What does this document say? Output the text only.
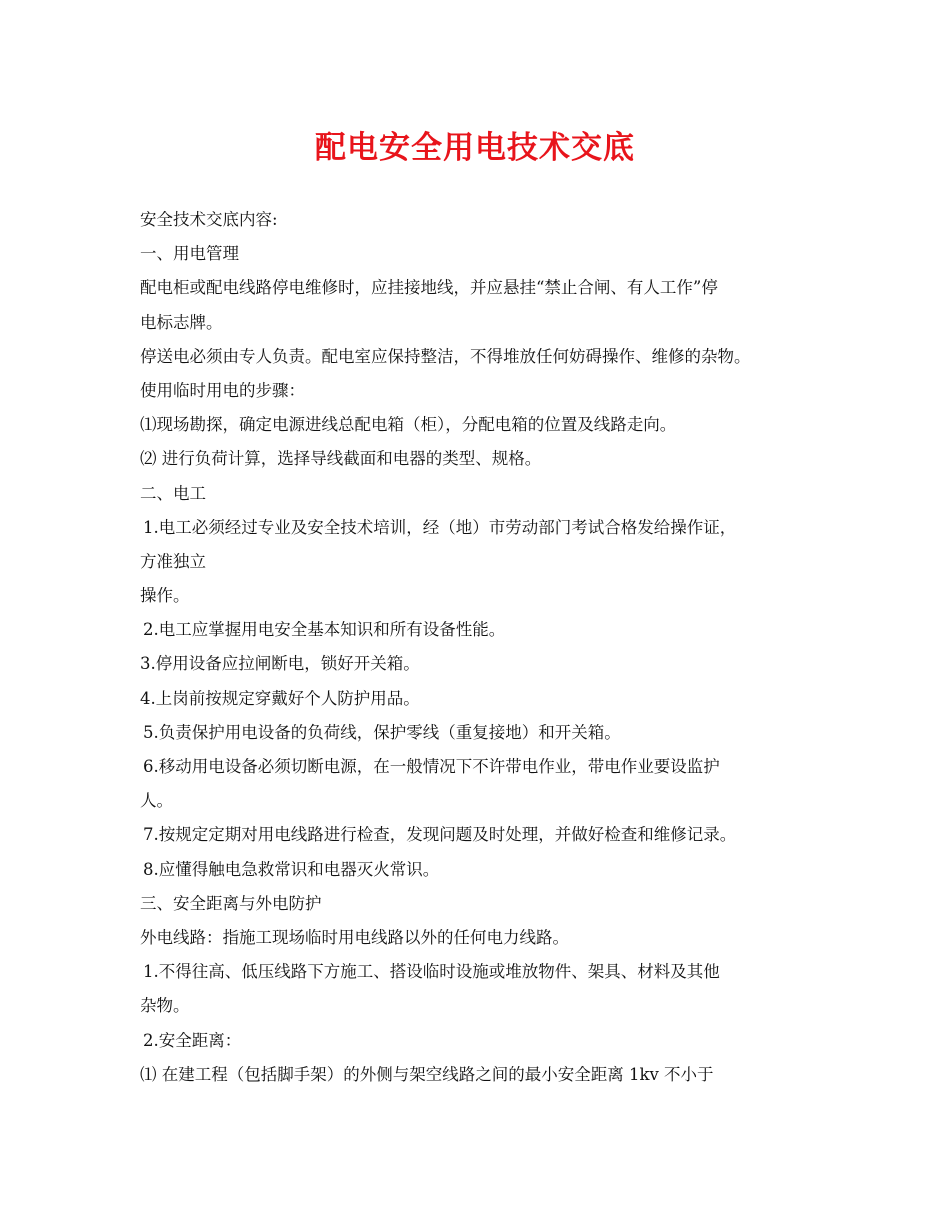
配电安全用电技术交底
安全技术交底内容:
一、用电管理
配电柜或配电线路停电维修时，应挂接地线，并应悬挂“禁止合闸、有人工作”停
电标志牌。
停送电必须由专人负责。配电室应保持整洁，不得堆放任何妨碍操作、维修的杂物。
使用临时用电的步骤：
⑴现场勘探，确定电源进线总配电箱（柜），分配电箱的位置及线路走向。
⑵ 进行负荷计算，选择导线截面和电器的类型、规格。
二、电工
1.电工必须经过专业及安全技术培训，经（地）市劳动部门考试合格发给操作证，
方准独立
操作。
2.电工应掌握用电安全基本知识和所有设备性能。
3.停用设备应拉闸断电，锁好开关箱。
4.上岗前按规定穿戴好个人防护用品。
5.负责保护用电设备的负荷线，保护零线（重复接地）和开关箱。
6.移动用电设备必须切断电源，在一般情况下不许带电作业，带电作业要设监护
人。
7.按规定定期对用电线路进行检查，发现问题及时处理，并做好检查和维修记录。
8.应懂得触电急救常识和电器灭火常识。
三、安全距离与外电防护
外电线路：指施工现场临时用电线路以外的任何电力线路。
1.不得往高、低压线路下方施工、搭设临时设施或堆放物件、架具、材料及其他
杂物。
2.安全距离：
⑴ 在建工程（包括脚手架）的外侧与架空线路之间的最小安全距离 1kv 不小于
